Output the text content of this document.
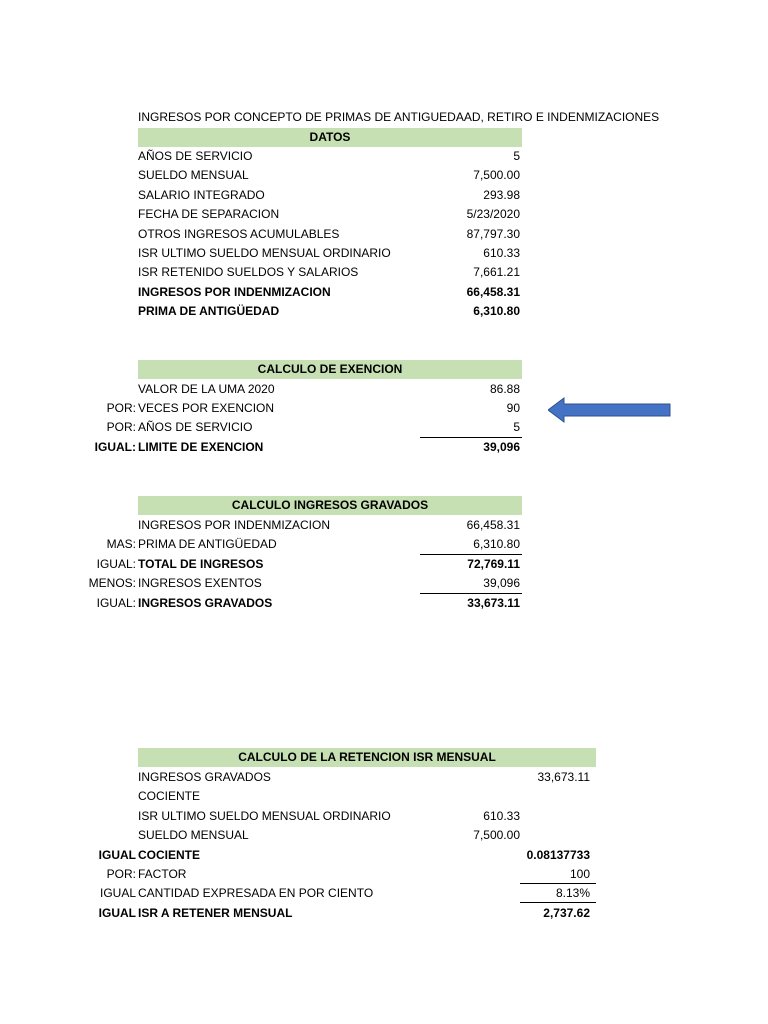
INGRESOS POR CONCEPTO DE PRIMAS DE ANTIGUEDAAD, RETIRO E INDENMIZACIONES
DATOS
AÑOS DE SERVICIO	5
SUELDO MENSUAL	7,500.00
SALARIO INTEGRADO	293.98
FECHA DE SEPARACION	5/23/2020
OTROS INGRESOS ACUMULABLES	87,797.30
ISR ULTIMO SUELDO MENSUAL ORDINARIO	610.33
ISR RETENIDO SUELDOS Y SALARIOS	7,661.21
INGRESOS POR INDENMIZACION	66,458.31
PRIMA DE ANTIGÜEDAD	6,310.80
CALCULO DE EXENCION
VALOR DE LA UMA 2020	86.88
POR: VECES POR EXENCION	90
POR: AÑOS DE SERVICIO	5
IGUAL: LIMITE DE EXENCION	39,096
CALCULO INGRESOS GRAVADOS
INGRESOS POR INDENMIZACION	66,458.31
MAS: PRIMA DE ANTIGÜEDAD	6,310.80
IGUAL: TOTAL DE INGRESOS	72,769.11
MENOS: INGRESOS EXENTOS	39,096
IGUAL: INGRESOS GRAVADOS	33,673.11
CALCULO DE LA RETENCION ISR MENSUAL
INGRESOS GRAVADOS	33,673.11
COCIENTE
ISR ULTIMO SUELDO MENSUAL ORDINARIO	610.33
SUELDO MENSUAL	7,500.00
IGUAL COCIENTE	0.08137733
POR: FACTOR	100
IGUAL CANTIDAD EXPRESADA EN POR CIENTO	8.13%
IGUAL ISR A RETENER MENSUAL	2,737.62
